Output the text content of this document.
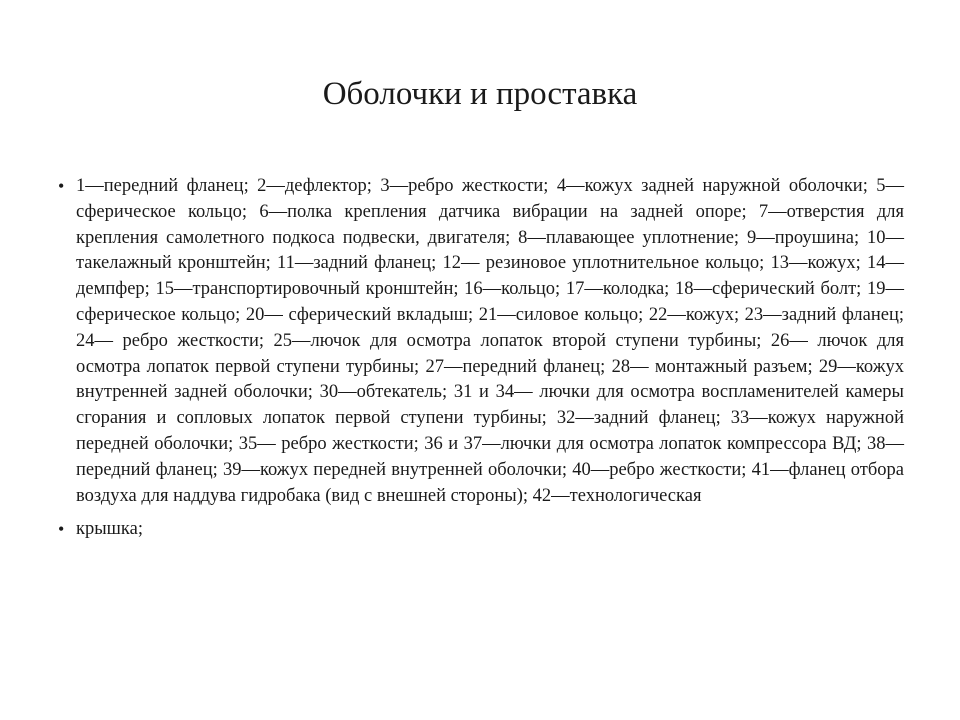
Оболочки и проставка
• 1—передний фланец; 2—дефлектор; 3—ребро жесткости; 4—кожух задней наружной оболочки; 5—сферическое кольцо; 6—полка крепления датчика вибрации на задней опоре; 7—отверстия для крепления самолетного подкоса подвески, двигателя; 8—плавающее уплотнение; 9—проушина; 10—такелажный кронштейн; 11—задний фланец; 12— резиновое уплотнительное кольцо; 13—кожух; 14—демпфер; 15—транспортировочный кронштейн; 16—кольцо; 17—колодка; 18—сферический болт; 19—сферическое кольцо; 20— сферический вкладыш; 21—силовое кольцо; 22—кожух; 23—задний фланец; 24— ребро жесткости; 25—лючок для осмотра лопаток второй ступени турбины; 26— лючок для осмотра лопаток первой ступени турбины; 27—передний фланец; 28— монтажный разъем; 29—кожух внутренней задней оболочки; 30—обтекатель; 31 и 34— лючки для осмотра воспламенителей камеры сгорания и сопловых лопаток первой ступени турбины; 32—задний фланец; 33—кожух наружной передней оболочки; 35— ребро жесткости; 36 и 37—лючки для осмотра лопаток компрессора ВД; 38—передний фланец; 39—кожух передней внутренней оболочки; 40—ребро жесткости; 41—фланец отбора воздуха для наддува гидробака (вид с внешней стороны); 42—технологическая
• крышка;
